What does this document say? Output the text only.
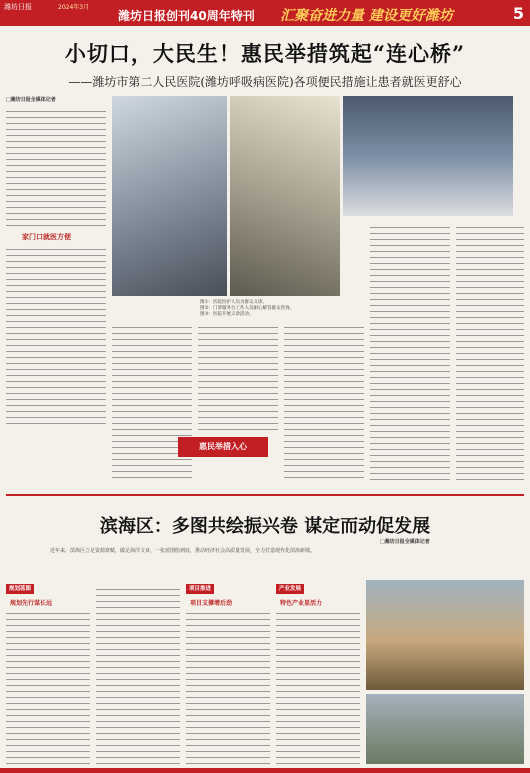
潍坊日报	2024年3月
潍坊日报创刊40周年特刊 汇聚奋进力量 建设更好潍坊	5
小切口，大民生！惠民举措筑起“连心桥”
——潍坊市第二人民医院(潍坊呼吸病医院)各项便民措施让患者就医更舒心
□潍坊日报全媒体记者
家门口就医方便
图①：医院医护人员为群众义诊。
图②：门诊服务台工作人员耐心解答群众咨询。
图③：医院开展义诊活动。
惠民举措入心
滨海区：多图共绘振兴卷 谋定而动促发展
□潍坊日报全媒体记者
近年来，滨海区立足资源禀赋，做足海洋文章，一张蓝图绘到底，推动经济社会高质量发展，全力打造现代化滨海新城。
规划蓝图
规划先行谋长远
项目推进
项目支撑增后劲
产业发展
特色产业显活力
